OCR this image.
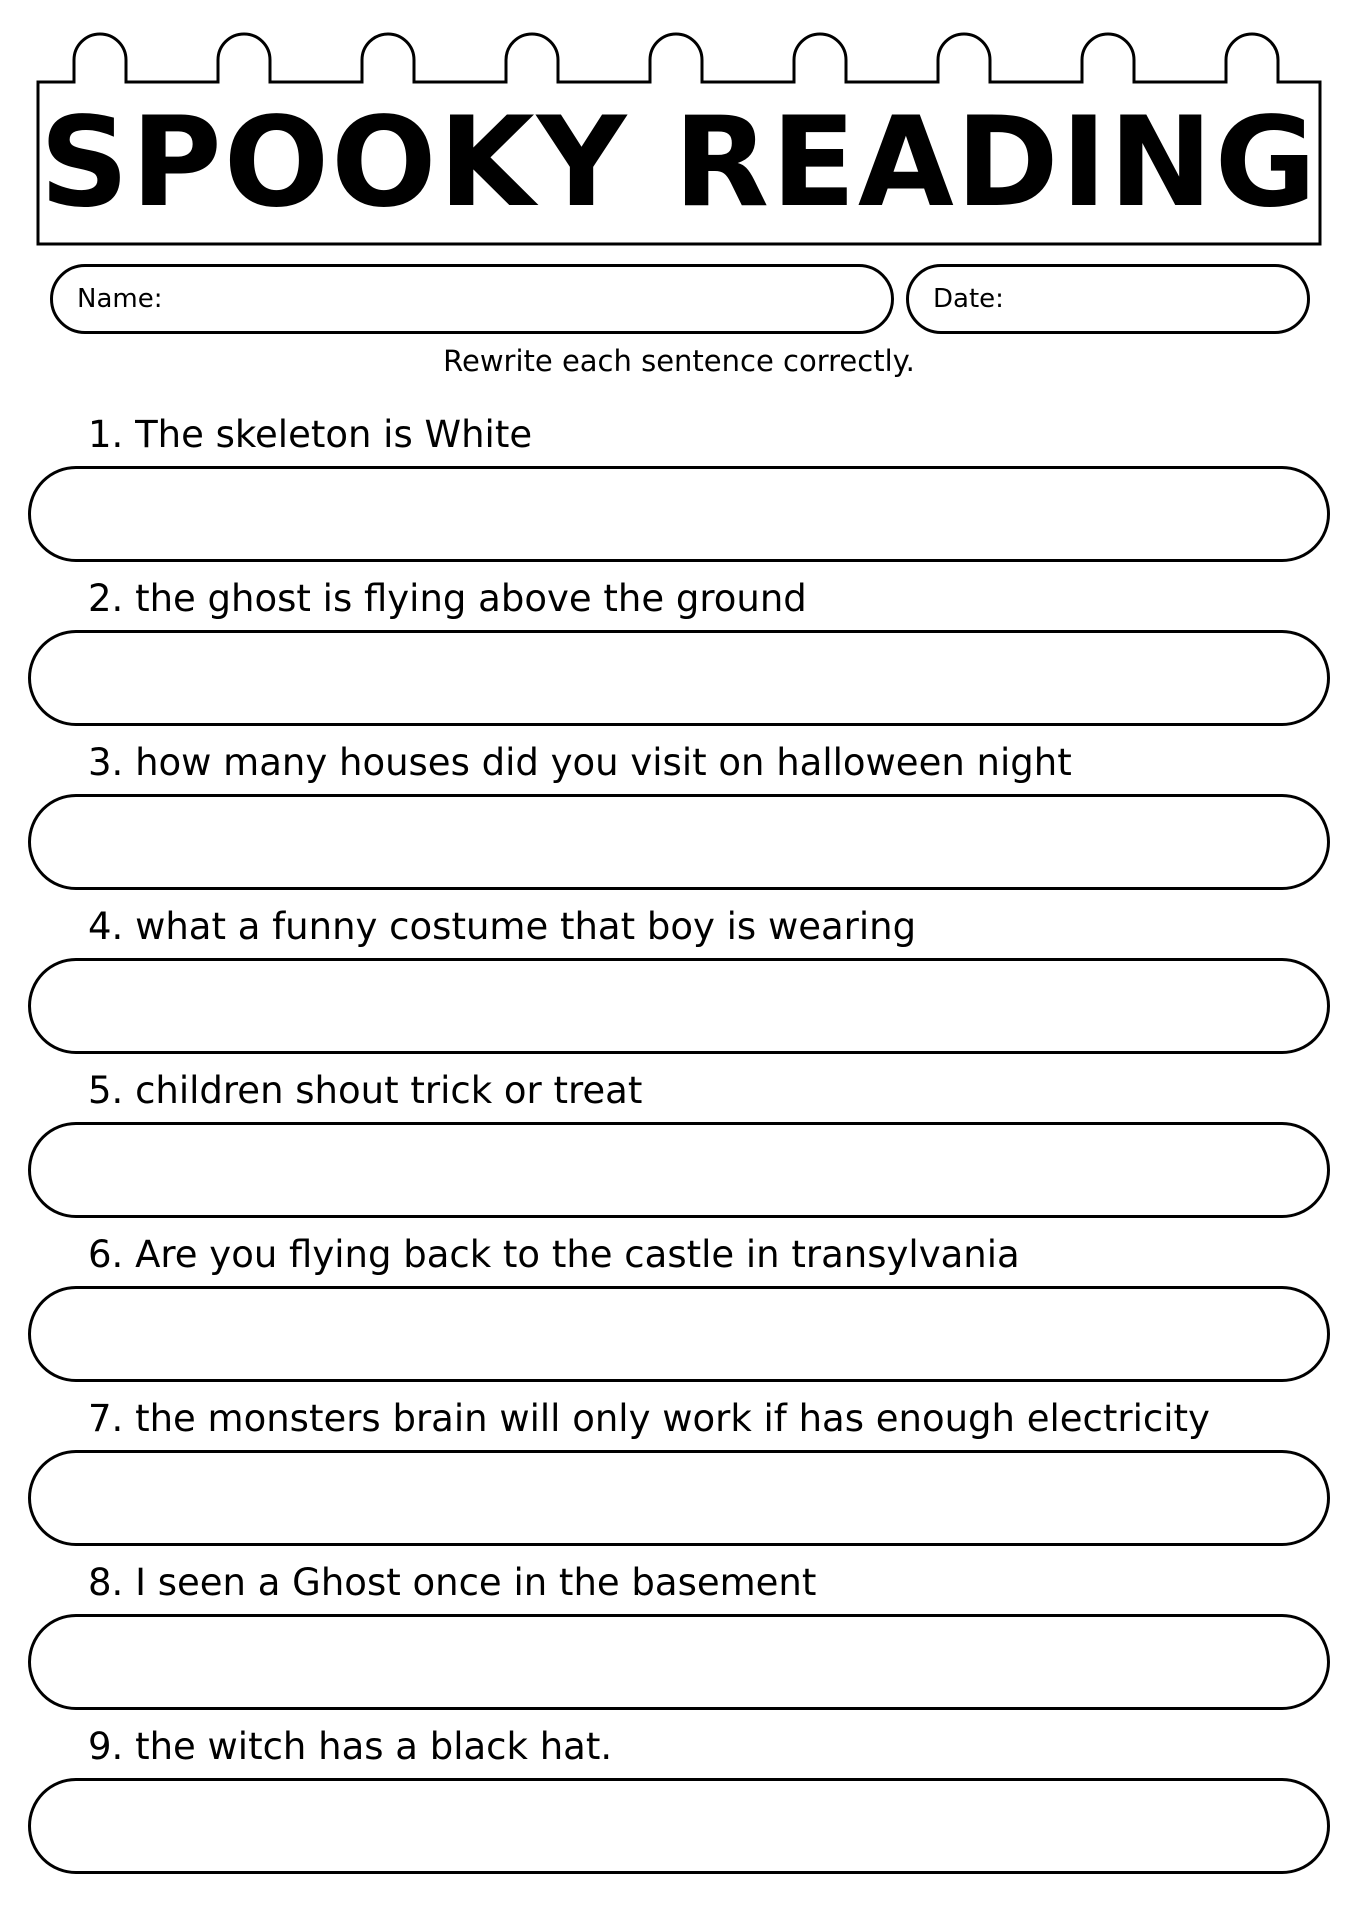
SPOOKY READING
Name:	Date:
Rewrite each sentence correctly.
1. The skeleton is White
2. the ghost is flying above the ground
3. how many houses did you visit on halloween night
4. what a funny costume that boy is wearing
5. children shout trick or treat
6. Are you flying back to the castle in transylvania
7. the monsters brain will only work if has enough electricity
8. I seen a Ghost once in the basement
9. the witch has a black hat.
